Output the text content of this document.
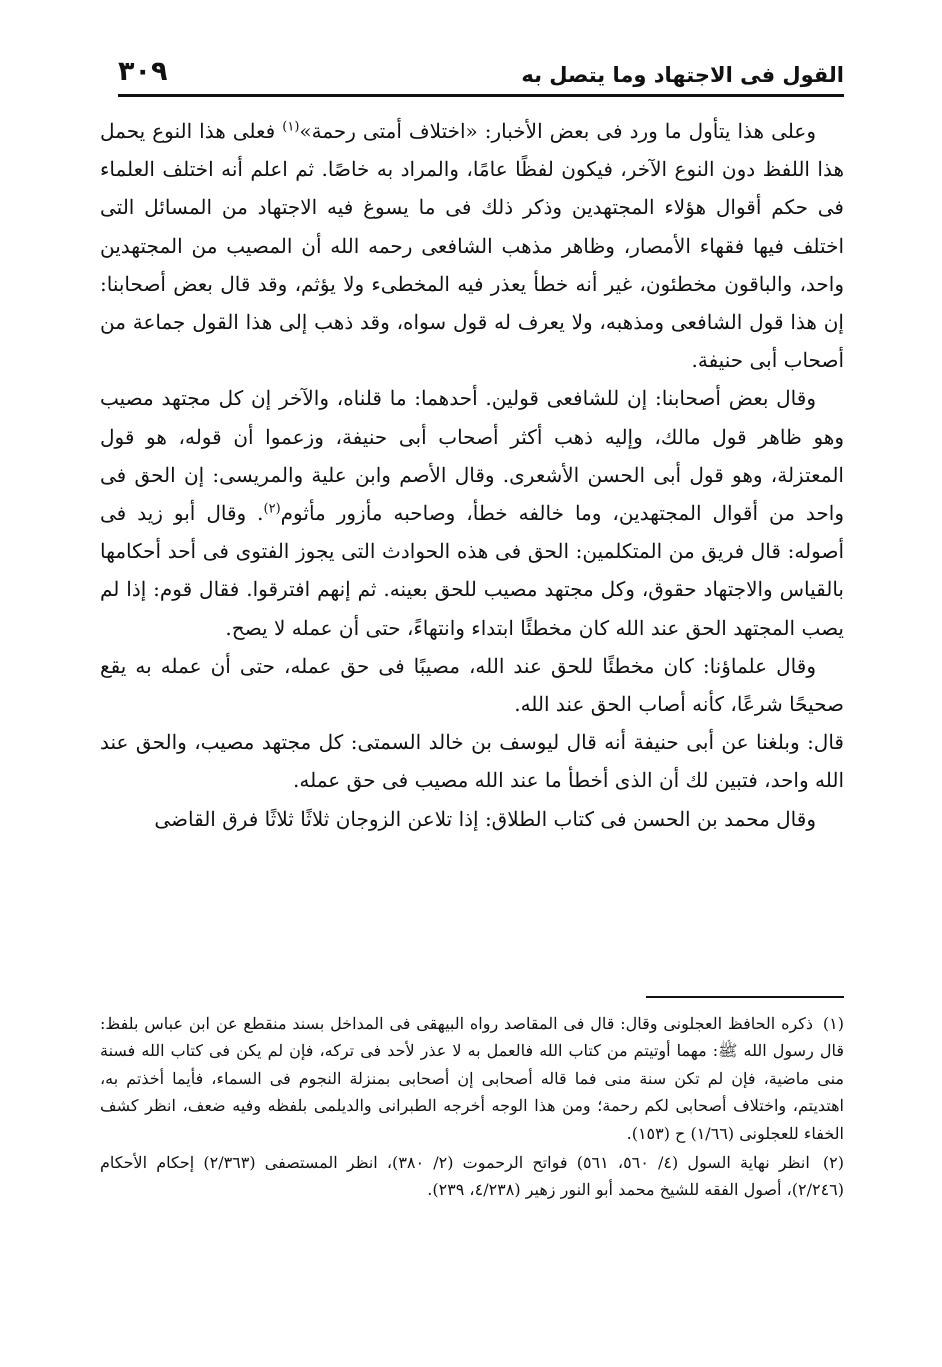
القول فى الاجتهاد وما يتصل به
٣٠٩

وعلى هذا يتأول ما ورد فى بعض الأخبار: «اختلاف أمتى رحمة»$^{(١)}$ فعلى هذا النوع يحمل هذا اللفظ دون النوع الآخر، فيكون لفظًا عامًا، والمراد به خاصًا. ثم اعلم أنه اختلف العلماء فى حكم أقوال هؤلاء المجتهدين وذكر ذلك فى ما يسوغ فيه الاجتهاد من المسائل التى اختلف فيها فقهاء الأمصار، وظاهر مذهب الشافعى رحمه الله أن المصيب من المجتهدين واحد، والباقون مخطئون، غير أنه خطأ يعذر فيه المخطىء ولا يؤثم، وقد قال بعض أصحابنا: إن هذا قول الشافعى ومذهبه، ولا يعرف له قول سواه، وقد ذهب إلى هذا القول جماعة من أصحاب أبى حنيفة.

وقال بعض أصحابنا: إن للشافعى قولين. أحدهما: ما قلناه، والآخر إن كل مجتهد مصيب وهو ظاهر قول مالك، وإليه ذهب أكثر أصحاب أبى حنيفة، وزعموا أن قوله، هو قول المعتزلة، وهو قول أبى الحسن الأشعرى. وقال الأصم وابن علية والمريسى: إن الحق فى واحد من أقوال المجتهدين، وما خالفه خطأ، وصاحبه مأزور مأثوم$^{(٢)}$. وقال أبو زيد فى أصوله: قال فريق من المتكلمين: الحق فى هذه الحوادث التى يجوز الفتوى فى أحد أحكامها بالقياس والاجتهاد حقوق، وكل مجتهد مصيب للحق بعينه. ثم إنهم افترقوا. فقال قوم: إذا لم يصب المجتهد الحق عند الله كان مخطئًا ابتداء وانتهاءً، حتى أن عمله لا يصح.

وقال علماؤنا: كان مخطئًا للحق عند الله، مصيبًا فى حق عمله، حتى أن عمله به يقع صحيحًا شرعًا، كأنه أصاب الحق عند الله.

قال: وبلغنا عن أبى حنيفة أنه قال ليوسف بن خالد السمتى: كل مجتهد مصيب، والحق عند الله واحد، فتبين لك أن الذى أخطأ ما عند الله مصيب فى حق عمله.

وقال محمد بن الحسن فى كتاب الطلاق: إذا تلاعن الزوجان ثلاثًا ثلاثًا فرق القاضى

(١) ذكره الحافظ العجلونى وقال: قال فى المقاصد رواه البيهقى فى المداخل بسند منقطع عن ابن عباس بلفظ: قال رسول الله ﷺ: مهما أوتيتم من كتاب الله فالعمل به لا عذر لأحد فى تركه، فإن لم يكن فى كتاب الله فسنة منى ماضية، فإن لم تكن سنة منى فما قاله أصحابى إن أصحابى بمنزلة النجوم فى السماء، فأيما أخذتم به، اهتديتم، واختلاف أصحابى لكم رحمة؛ ومن هذا الوجه أخرجه الطبرانى والديلمى بلفظه وفيه ضعف، انظر كشف الخفاء للعجلونى (١/٦٦) ح (١٥٣).

(٢) انظر نهاية السول (٤/ ٥٦٠، ٥٦١) فواتح الرحموت (٢/ ٣٨٠)، انظر المستصفى (٢/٣٦٣) إحكام الأحكام (٢/٢٤٦)، أصول الفقه للشيخ محمد أبو النور زهير (٤/٢٣٨، ٢٣٩).
